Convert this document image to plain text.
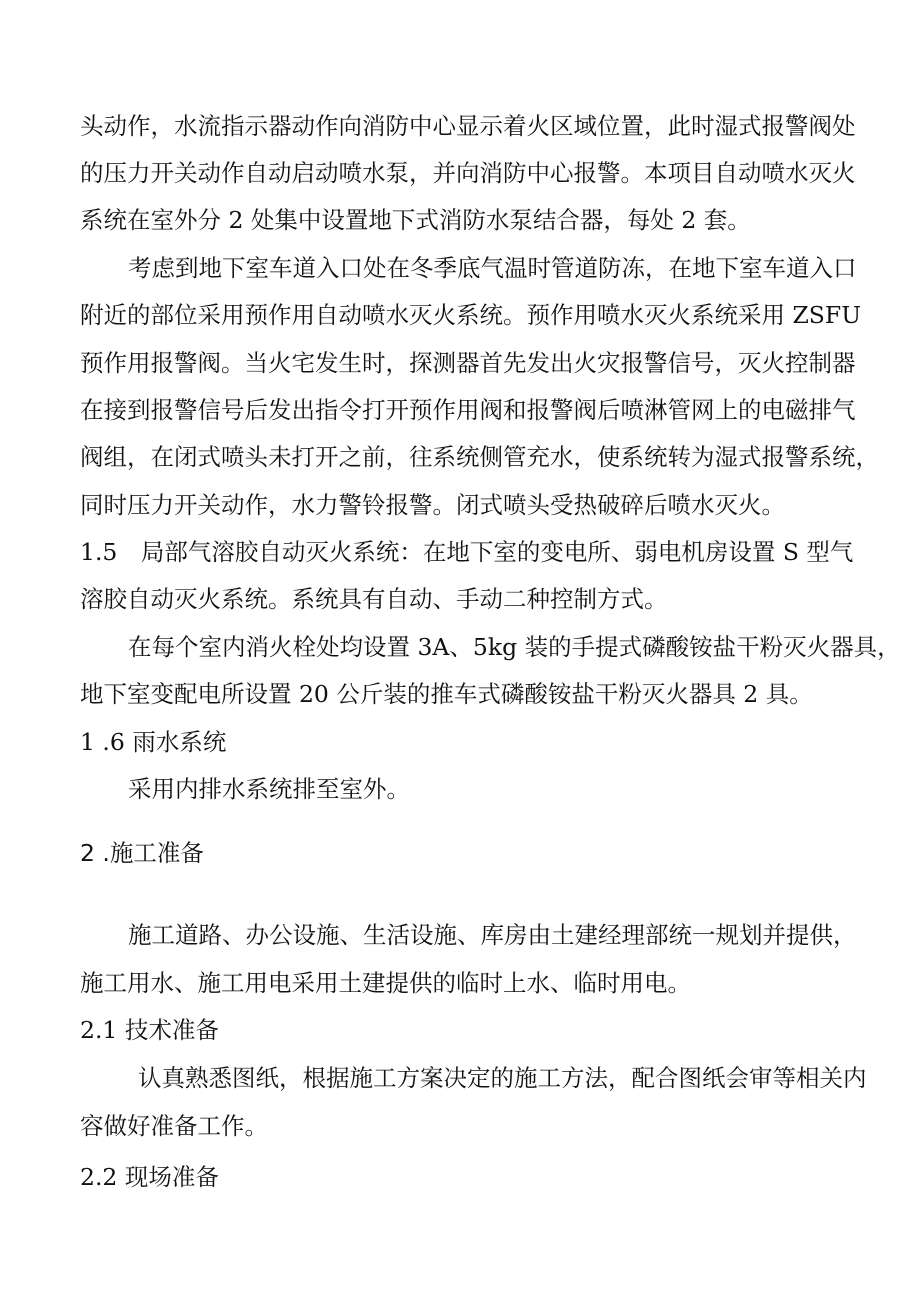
头动作，水流指示器动作向消防中心显示着火区域位置，此时湿式报警阀处
的压力开关动作自动启动喷水泵，并向消防中心报警。本项目自动喷水灭火
系统在室外分 2 处集中设置地下式消防水泵结合器，每处 2 套。
考虑到地下室车道入口处在冬季底气温时管道防冻，在地下室车道入口
附近的部位采用预作用自动喷水灭火系统。预作用喷水灭火系统采用 ZSFU
预作用报警阀。当火宅发生时，探测器首先发出火灾报警信号，灭火控制器
在接到报警信号后发出指令打开预作用阀和报警阀后喷淋管网上的电磁排气
阀组，在闭式喷头未打开之前，往系统侧管充水，使系统转为湿式报警系统，
同时压力开关动作，水力警铃报警。闭式喷头受热破碎后喷水灭火。
1.5　局部气溶胶自动灭火系统：在地下室的变电所、弱电机房设置 S 型气
溶胶自动灭火系统。系统具有自动、手动二种控制方式。
在每个室内消火栓处均设置 3A、5kg 装的手提式磷酸铵盐干粉灭火器具，
地下室变配电所设置 20 公斤装的推车式磷酸铵盐干粉灭火器具 2 具。
1 .6 雨水系统
采用内排水系统排至室外。
2 .施工准备
施工道路、办公设施、生活设施、库房由土建经理部统一规划并提供，
施工用水、施工用电采用土建提供的临时上水、临时用电。
2.1 技术准备
认真熟悉图纸，根据施工方案决定的施工方法，配合图纸会审等相关内
容做好准备工作。
2.2 现场准备
